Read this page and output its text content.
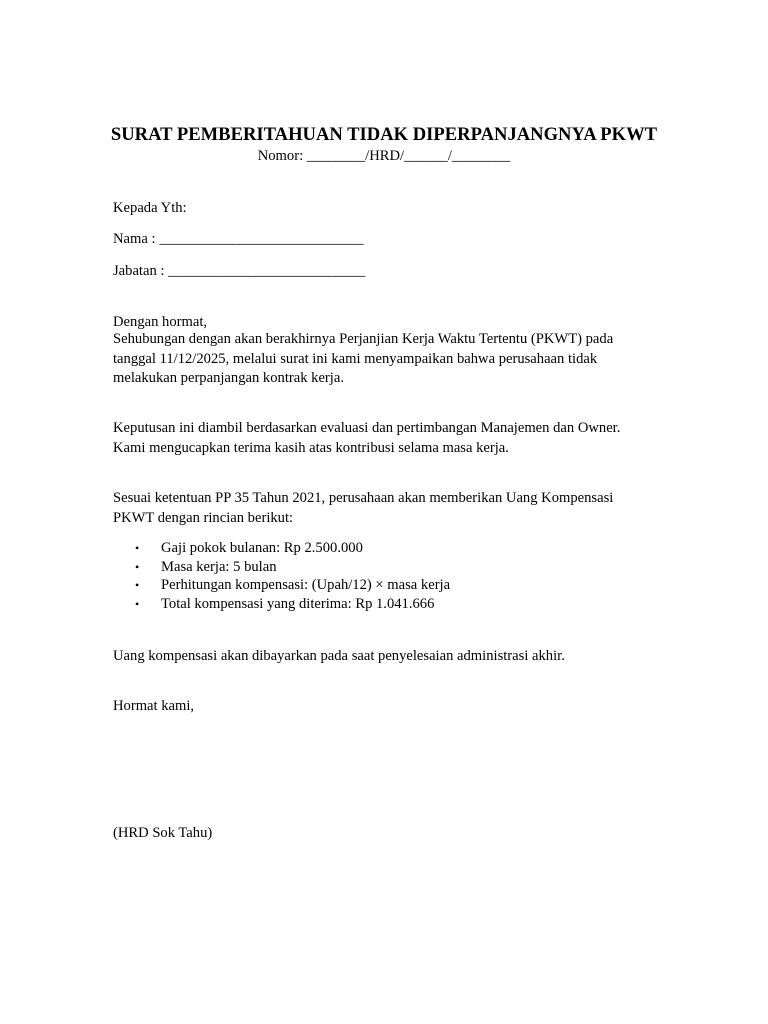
SURAT PEMBERITAHUAN TIDAK DIPERPANJANGNYA PKWT
Nomor: ________/HRD/______/________
Kepada Yth:
Nama : ____________________________
Jabatan : ___________________________
Dengan hormat,
Sehubungan dengan akan berakhirnya Perjanjian Kerja Waktu Tertentu (PKWT) pada tanggal 11/12/2025, melalui surat ini kami menyampaikan bahwa perusahaan tidak melakukan perpanjangan kontrak kerja.
Keputusan ini diambil berdasarkan evaluasi dan pertimbangan Manajemen dan Owner. Kami mengucapkan terima kasih atas kontribusi selama masa kerja.
Sesuai ketentuan PP 35 Tahun 2021, perusahaan akan memberikan Uang Kompensasi PKWT dengan rincian berikut:
• Gaji pokok bulanan: Rp 2.500.000
• Masa kerja: 5 bulan
• Perhitungan kompensasi: (Upah/12) × masa kerja
• Total kompensasi yang diterima: Rp 1.041.666
Uang kompensasi akan dibayarkan pada saat penyelesaian administrasi akhir.
Hormat kami,
(HRD Sok Tahu)
